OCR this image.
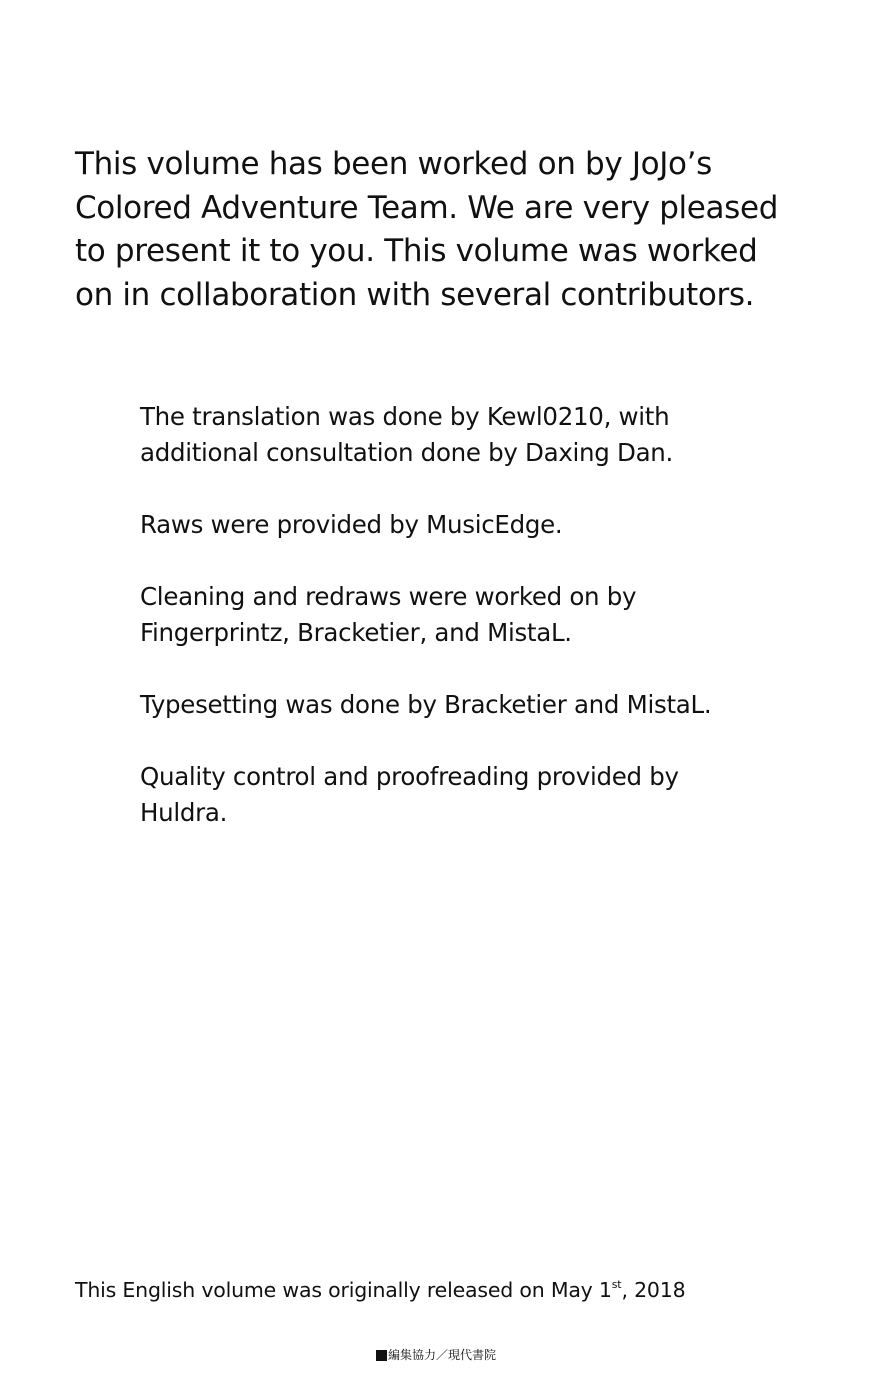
This volume has been worked on by JoJo’s
Colored Adventure Team. We are very pleased
to present it to you. This volume was worked
on in collaboration with several contributors.
The translation was done by Kewl0210, with
additional consultation done by Daxing Dan.
Raws were provided by MusicEdge.
Cleaning and redraws were worked on by
Fingerprintz, Bracketier, and MistaL.
Typesetting was done by Bracketier and MistaL.
Quality control and proofreading provided by
Huldra.
This English volume was originally released on May 1st, 2018
編集協力／現代書院
